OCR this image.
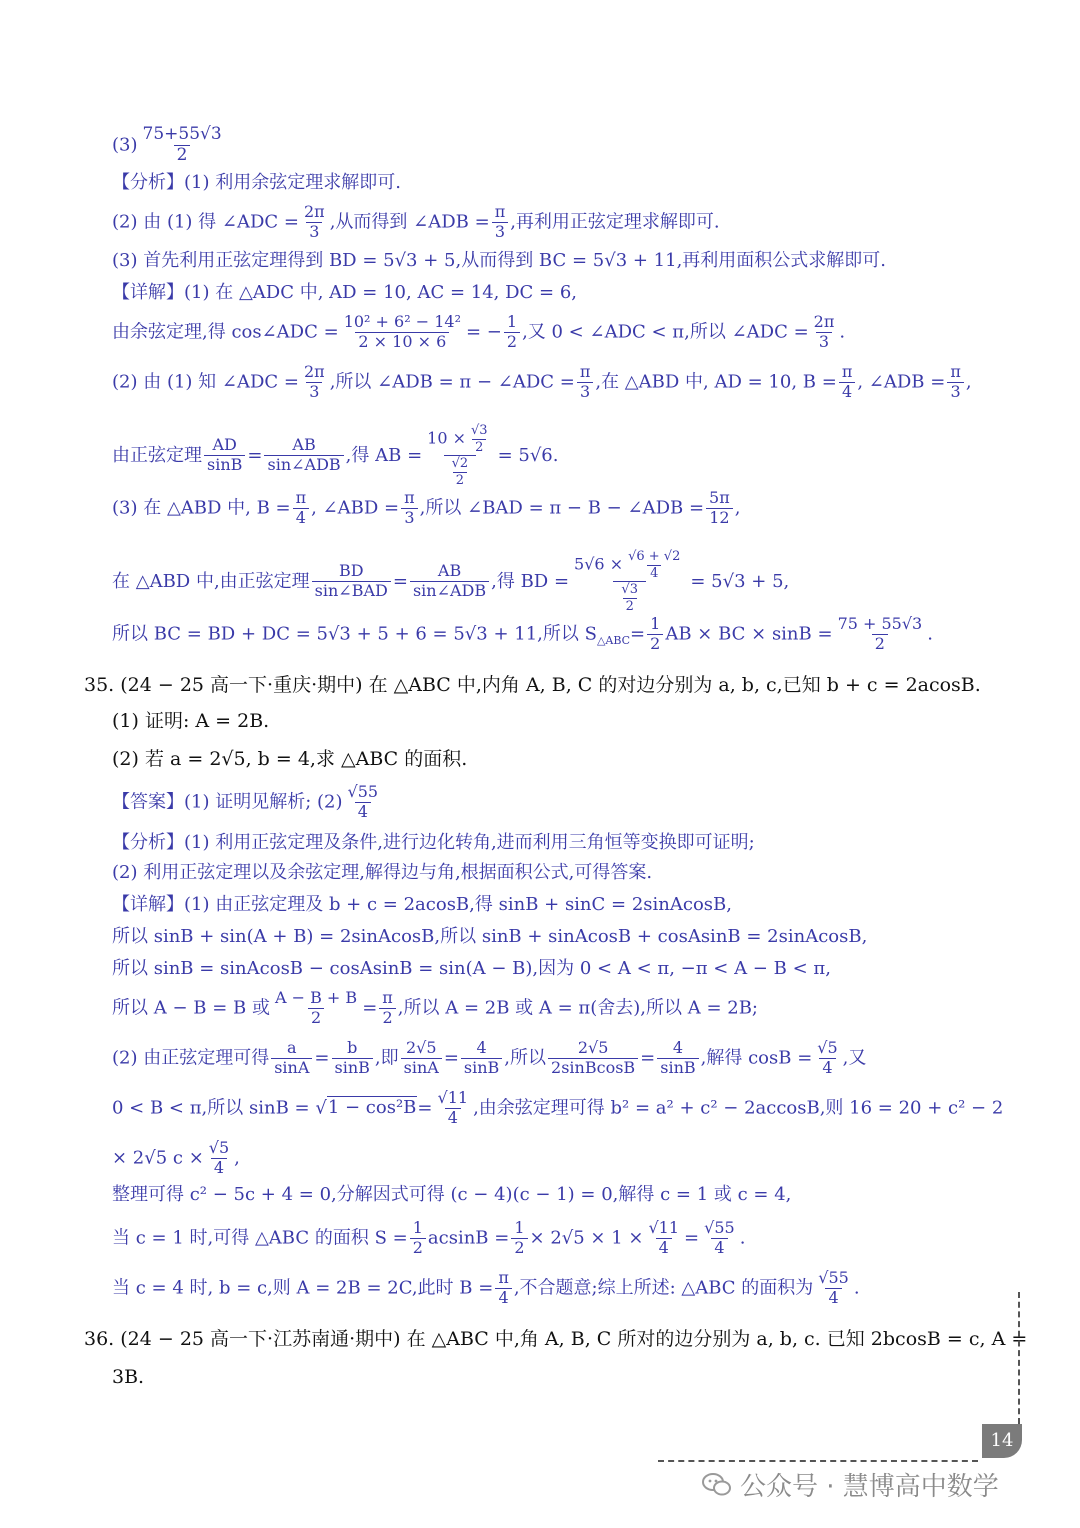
$(3) \frac{75+55√3}{2}$
【分析】(1) 利用余弦定理求解即可.
(2) 由 (1) 得 ∠ADC = $\frac{2\pi}{3}$ ,从而得到 ∠ADB = $\frac{\pi}{3}$ ,再利用正弦定理求解即可.
(3) 首先利用正弦定理得到 BD = 5√3 + 5,从而得到 BC = 5√3 + 11,再利用面积公式求解即可.
【详解】(1) 在 △ADC 中, AD = 10, AC = 14, DC = 6,
由余弦定理,得 cos∠ADC = $\frac{\text{10² + 6² − 14²}}{2 \times 10 \times 6}$ = − $\frac{1}{2}$ ,又 0 < ∠ADC < π,所以 ∠ADC = $\frac{2\pi}{3}$ .
(2) 由 (1) 知 ∠ADC = $\frac{2\pi}{3}$ ,所以 ∠ADB = π − ∠ADC = $\frac{\pi}{3}$ ,在 △ABD 中, AD = 10, $B = \frac{\pi}{4}$ , ∠ADB = $\frac{\pi}{3}$ ,
由正弦定理 $\frac{AD}{\sin B}$ = AB
sin∠ADB ,得 AB = $\frac{10 \times \frac{√3}{2}}{\frac{√2}{2}} = 5√6$.
(3) 在 △ABD 中, $B = \frac{\pi}{4}$ , ∠ABD = $\frac{\pi}{3}$ ,所以 ∠BAD = π − B − ∠ADB = $\frac{5\pi}{12}$ ,
在 △ABD 中,由正弦定理 BD
sin∠BAD = AB
sin∠ADB ,得 BD = $\frac{5√6 \times \frac{√6 + √2}{4}}{\frac{√3}{2}} = 5√3 + 5$,
所以 BC = BD + DC = 5√3 + 5 + 6 = 5√3 + 11,所以 $S_{\triangle ABC}= \frac{1}{2}$ AB × BC × $\sin B = \frac{75 + 55√3}{2}$ .
35. (24 − 25 高一下·重庆·期中) 在 △ABC 中,内角 A, B, C 的对边分别为 a, b, c,已知 b + c = 2acosB.
(1) 证明: A = 2B.
(2) 若 a = 2√5, b = 4,求 △ABC 的面积.
【答案】(1) 证明见解析; $(2) \frac{√55}{4}$
【分析】(1) 利用正弦定理及条件,进行边化转角,进而利用三角恒等变换即可证明;
(2) 利用正弦定理以及余弦定理,解得边与角,根据面积公式,可得答案.
【详解】(1) 由正弦定理及 b + c = 2acosB,得 sinB + sinC = 2sinAcosB,
所以 sinB + sin(A + B) = 2sinAcosB,所以 sinB + sinAcosB + cosAsinB = 2sinAcosB,
所以 sinB = sinAcosB − cosAsinB = sin(A − B),因为 0 < A < π, −π < A − B < π,
所以 A − B = B 或 $\frac{A - B + B}{2} = \frac{\pi}{2}$ ,所以 A = 2B 或 A = π(舍去),所以 A = 2B;
(2) 由正弦定理可得 $\frac{a}{\sin A} = \frac{b}{\sin B}$ ,即 $\frac{2√5}{\sin A} = \frac{4}{\sin B}$ ,所以 $\frac{2√5}{\text{2sinBcosB}} = \frac{4}{\sin B}$ ,解得 $\cos B = \frac{√5}{4}$ ,又
0 < B < π,所以 $\sin B = √1 - \cos^2B= \frac{√11}{4}$ ,由余弦定理可得 b² = a² + c² − 2accosB,则 16 = 20 + c² − 2
× 2√5 $c \times \frac{√5}{4}$ ,
整理可得 c² − 5c + 4 = 0,分解因式可得 (c − 4)(c − 1) = 0,解得 c = 1 或 c = 4,
当 c = 1 时,可得 △ABC 的面积 $S = \frac{1}{2}$ $acsinB = \frac{1}{2} \times 2√5 \times 1 \times \frac{√11}{4} = \frac{√55}{4}$ .
当 c = 4 时, b = c,则 A = 2B = 2C,此时 $B = \frac{\pi}{4}$ ,不合题意;综上所述: △ABC 的面积为 $\frac{√55}{4}$ .
36. (24 − 25 高一下·江苏南通·期中) 在 △ABC 中,角 A, B, C 所对的边分别为 a, b, c. 已知 2bcosB = c, A =
3B.
14
公众号 · 慧博高中数学
